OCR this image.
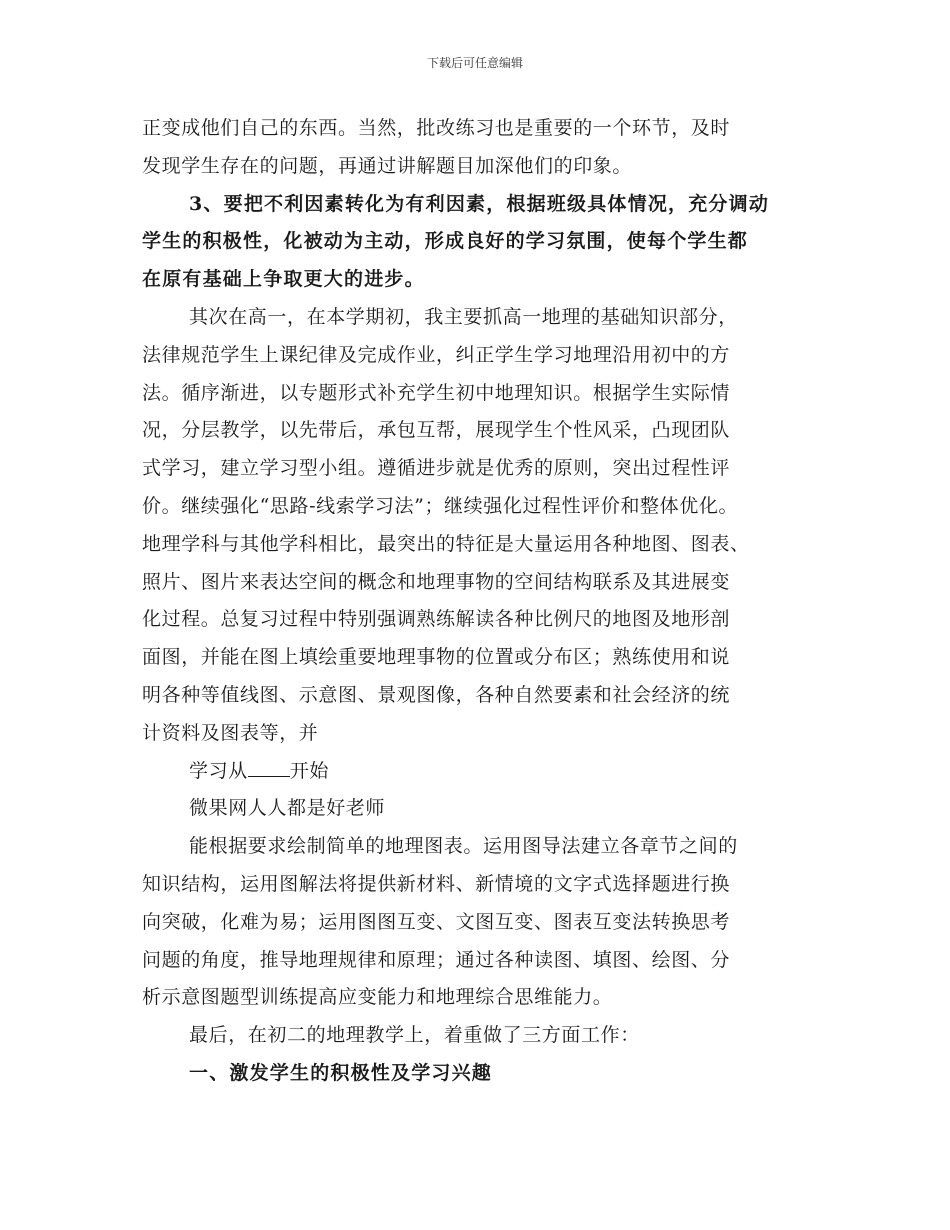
下载后可任意编辑
正变成他们自己的东西。当然，批改练习也是重要的一个环节，及时
发现学生存在的问题，再通过讲解题目加深他们的印象。
3、要把不利因素转化为有利因素，根据班级具体情况，充分调动
学生的积极性，化被动为主动，形成良好的学习氛围，使每个学生都
在原有基础上争取更大的进步。
其次在高一，在本学期初，我主要抓高一地理的基础知识部分，
法律规范学生上课纪律及完成作业，纠正学生学习地理沿用初中的方
法。循序渐进，以专题形式补充学生初中地理知识。根据学生实际情
况，分层教学，以先带后，承包互帮，展现学生个性风采，凸现团队
式学习，建立学习型小组。遵循进步就是优秀的原则，突出过程性评
价。继续强化“思路-线索学习法”；继续强化过程性评价和整体优化。
地理学科与其他学科相比，最突出的特征是大量运用各种地图、图表、
照片、图片来表达空间的概念和地理事物的空间结构联系及其进展变
化过程。总复习过程中特别强调熟练解读各种比例尺的地图及地形剖
面图，并能在图上填绘重要地理事物的位置或分布区；熟练使用和说
明各种等值线图、示意图、景观图像，各种自然要素和社会经济的统
计资料及图表等，并
学习从 开始
微果网人人都是好老师
能根据要求绘制简单的地理图表。运用图导法建立各章节之间的
知识结构，运用图解法将提供新材料、新情境的文字式选择题进行换
向突破，化难为易；运用图图互变、文图互变、图表互变法转换思考
问题的角度，推导地理规律和原理；通过各种读图、填图、绘图、分
析示意图题型训练提高应变能力和地理综合思维能力。
最后，在初二的地理教学上，着重做了三方面工作：
一、激发学生的积极性及学习兴趣
